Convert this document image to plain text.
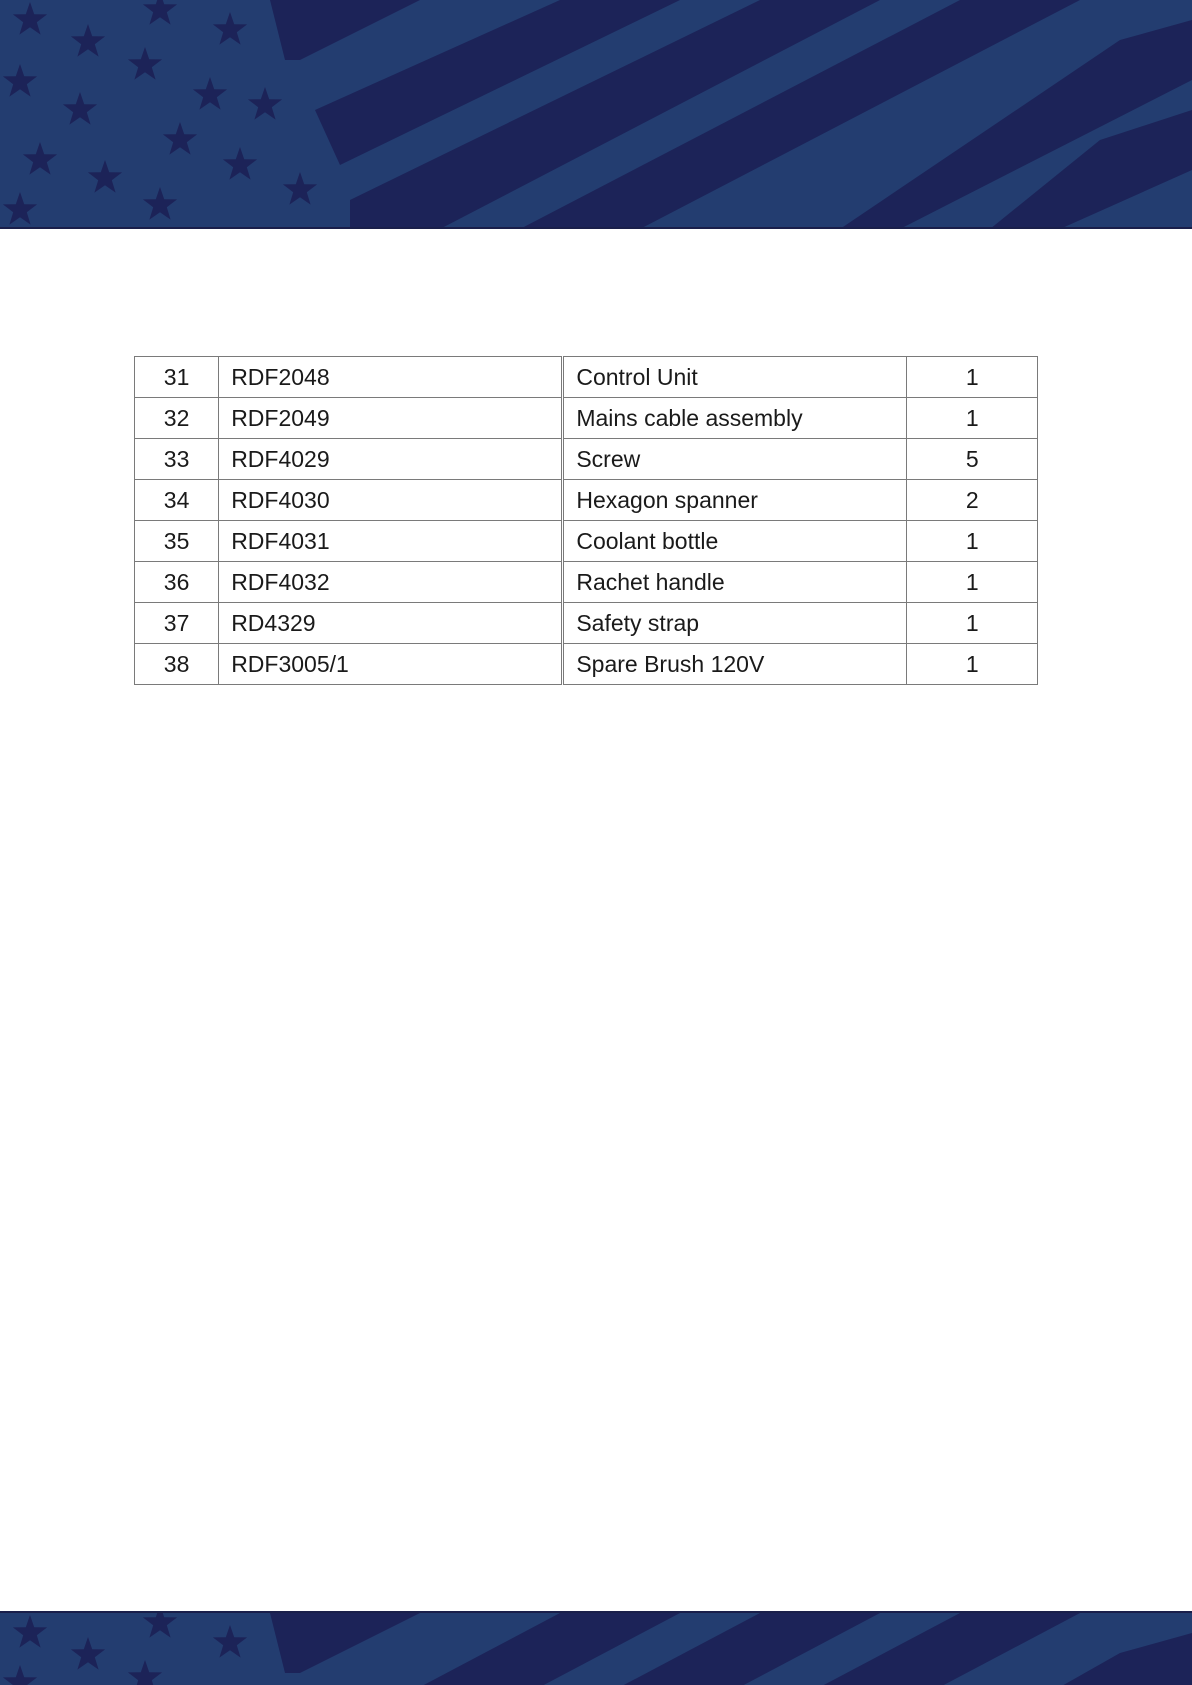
31	RDF2048	Control Unit	1
32	RDF2049	Mains cable assembly	1
33	RDF4029	Screw	5
34	RDF4030	Hexagon spanner	2
35	RDF4031	Coolant bottle	1
36	RDF4032	Rachet handle	1
37	RD4329	Safety strap	1
38	RDF3005/1	Spare Brush 120V	1
